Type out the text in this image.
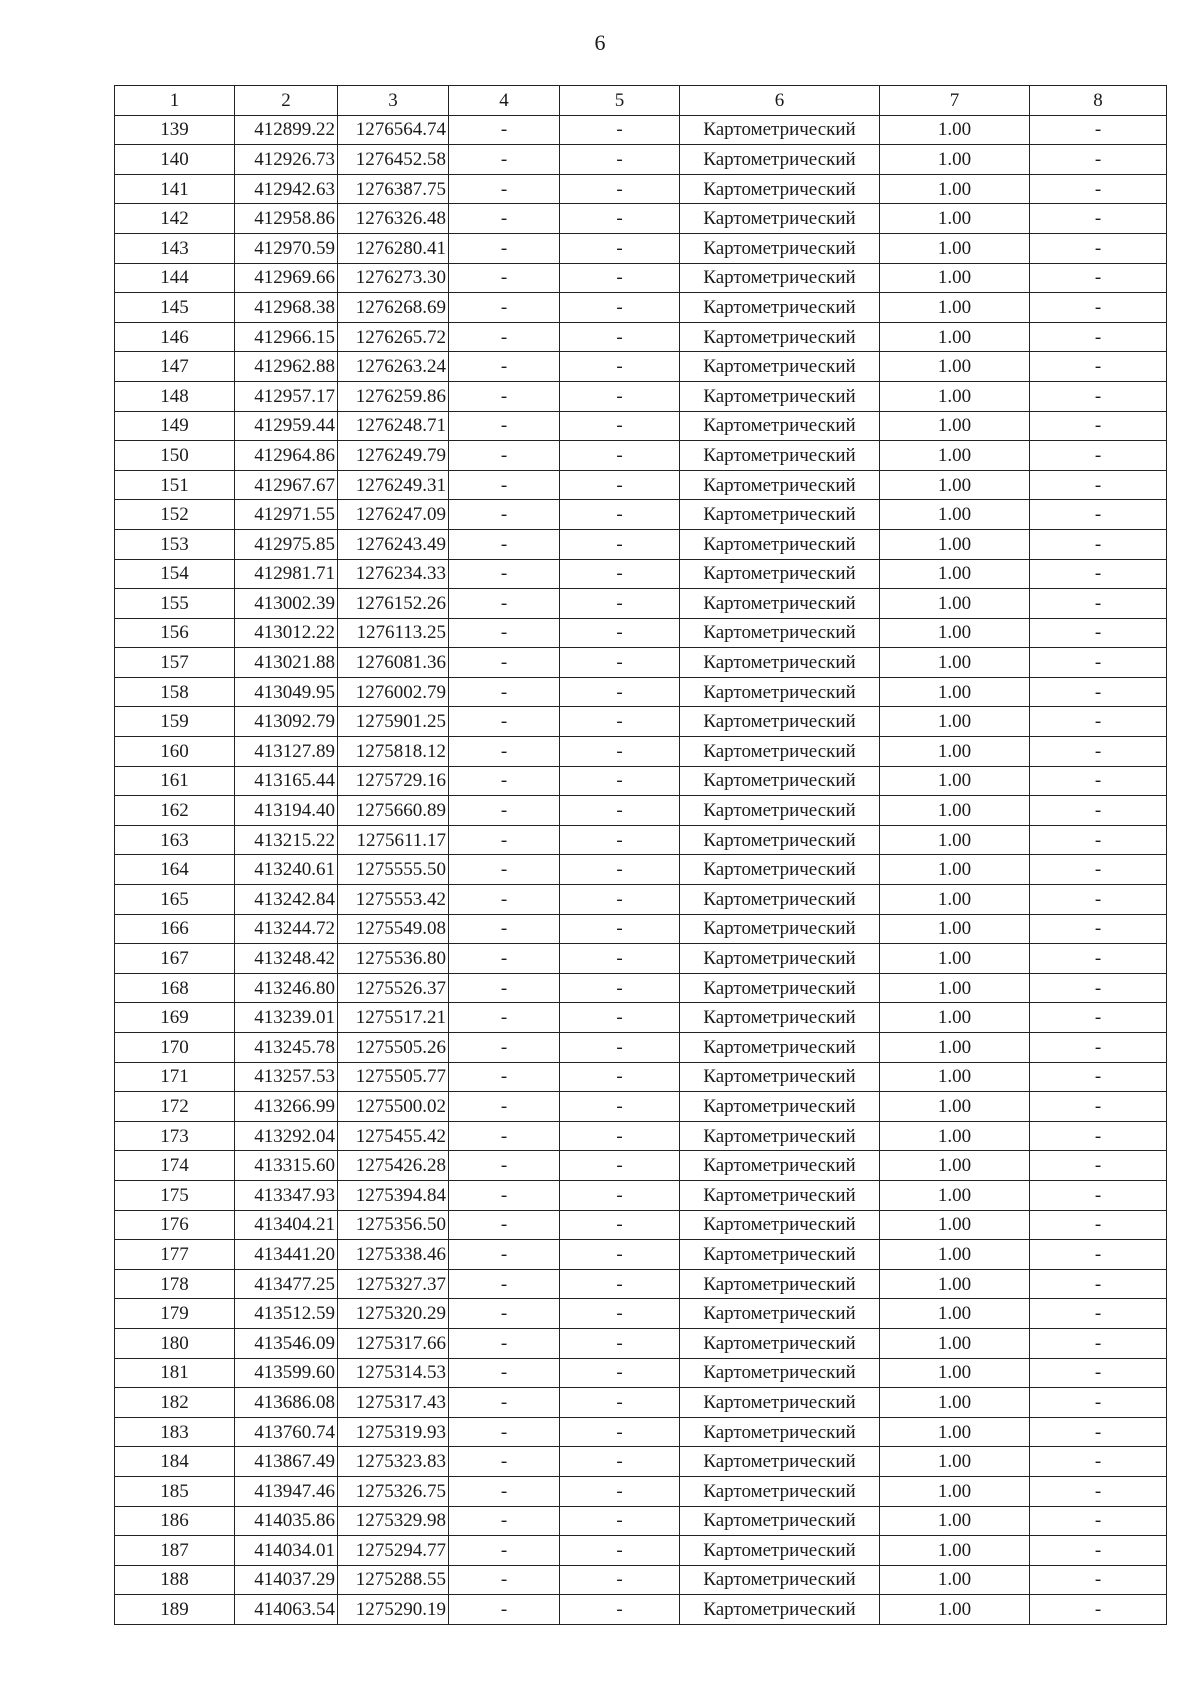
6
1	2	3	4	5	6	7	8
139	412899.22	1276564.74	-	-	Картометрический	1.00	-
140	412926.73	1276452.58	-	-	Картометрический	1.00	-
141	412942.63	1276387.75	-	-	Картометрический	1.00	-
142	412958.86	1276326.48	-	-	Картометрический	1.00	-
143	412970.59	1276280.41	-	-	Картометрический	1.00	-
144	412969.66	1276273.30	-	-	Картометрический	1.00	-
145	412968.38	1276268.69	-	-	Картометрический	1.00	-
146	412966.15	1276265.72	-	-	Картометрический	1.00	-
147	412962.88	1276263.24	-	-	Картометрический	1.00	-
148	412957.17	1276259.86	-	-	Картометрический	1.00	-
149	412959.44	1276248.71	-	-	Картометрический	1.00	-
150	412964.86	1276249.79	-	-	Картометрический	1.00	-
151	412967.67	1276249.31	-	-	Картометрический	1.00	-
152	412971.55	1276247.09	-	-	Картометрический	1.00	-
153	412975.85	1276243.49	-	-	Картометрический	1.00	-
154	412981.71	1276234.33	-	-	Картометрический	1.00	-
155	413002.39	1276152.26	-	-	Картометрический	1.00	-
156	413012.22	1276113.25	-	-	Картометрический	1.00	-
157	413021.88	1276081.36	-	-	Картометрический	1.00	-
158	413049.95	1276002.79	-	-	Картометрический	1.00	-
159	413092.79	1275901.25	-	-	Картометрический	1.00	-
160	413127.89	1275818.12	-	-	Картометрический	1.00	-
161	413165.44	1275729.16	-	-	Картометрический	1.00	-
162	413194.40	1275660.89	-	-	Картометрический	1.00	-
163	413215.22	1275611.17	-	-	Картометрический	1.00	-
164	413240.61	1275555.50	-	-	Картометрический	1.00	-
165	413242.84	1275553.42	-	-	Картометрический	1.00	-
166	413244.72	1275549.08	-	-	Картометрический	1.00	-
167	413248.42	1275536.80	-	-	Картометрический	1.00	-
168	413246.80	1275526.37	-	-	Картометрический	1.00	-
169	413239.01	1275517.21	-	-	Картометрический	1.00	-
170	413245.78	1275505.26	-	-	Картометрический	1.00	-
171	413257.53	1275505.77	-	-	Картометрический	1.00	-
172	413266.99	1275500.02	-	-	Картометрический	1.00	-
173	413292.04	1275455.42	-	-	Картометрический	1.00	-
174	413315.60	1275426.28	-	-	Картометрический	1.00	-
175	413347.93	1275394.84	-	-	Картометрический	1.00	-
176	413404.21	1275356.50	-	-	Картометрический	1.00	-
177	413441.20	1275338.46	-	-	Картометрический	1.00	-
178	413477.25	1275327.37	-	-	Картометрический	1.00	-
179	413512.59	1275320.29	-	-	Картометрический	1.00	-
180	413546.09	1275317.66	-	-	Картометрический	1.00	-
181	413599.60	1275314.53	-	-	Картометрический	1.00	-
182	413686.08	1275317.43	-	-	Картометрический	1.00	-
183	413760.74	1275319.93	-	-	Картометрический	1.00	-
184	413867.49	1275323.83	-	-	Картометрический	1.00	-
185	413947.46	1275326.75	-	-	Картометрический	1.00	-
186	414035.86	1275329.98	-	-	Картометрический	1.00	-
187	414034.01	1275294.77	-	-	Картометрический	1.00	-
188	414037.29	1275288.55	-	-	Картометрический	1.00	-
189	414063.54	1275290.19	-	-	Картометрический	1.00	-
